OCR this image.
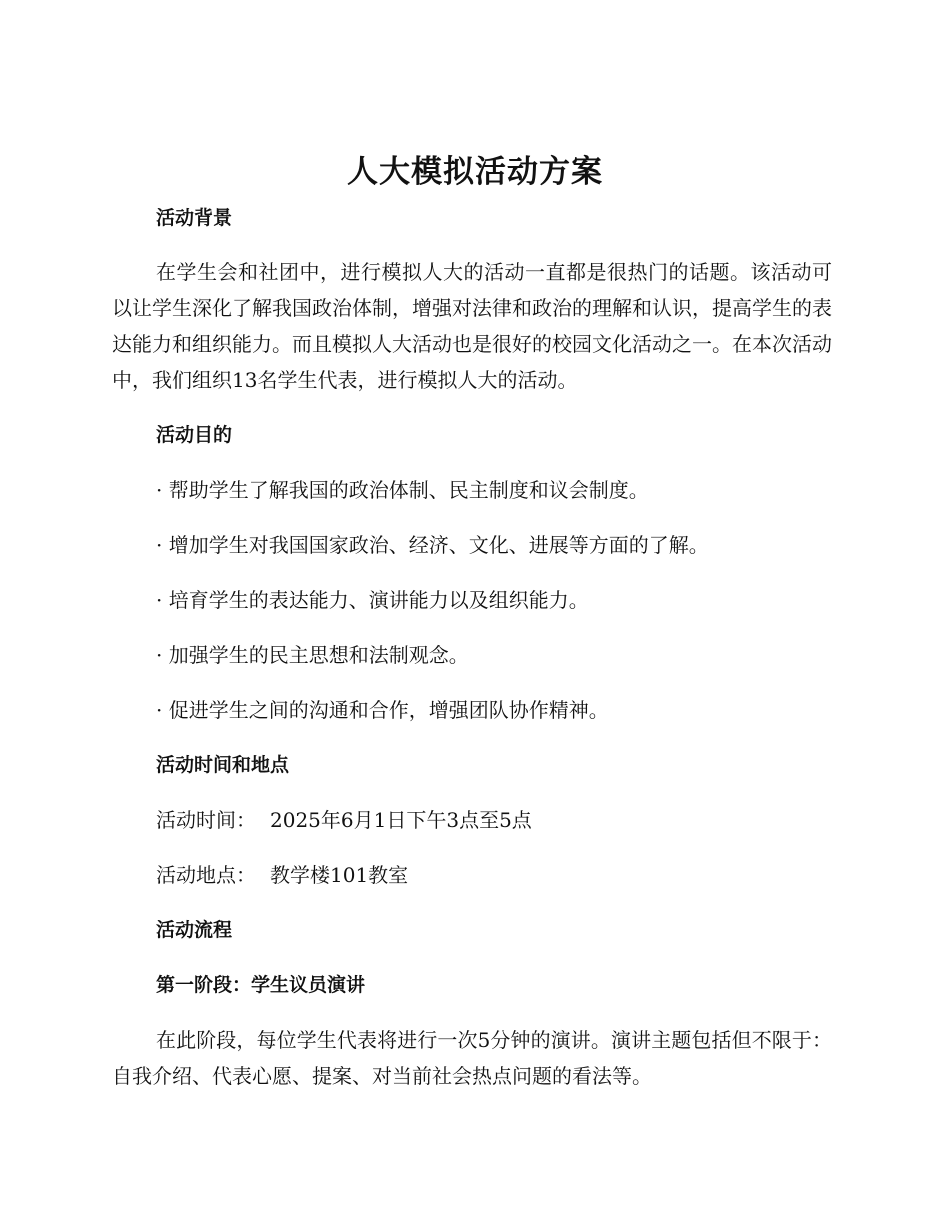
人大模拟活动方案

活动背景

在学生会和社团中，进行模拟人大的活动一直都是很热门的话题。该活动可以让学生深化了解我国政治体制，增强对法律和政治的理解和认识，提高学生的表达能力和组织能力。而且模拟人大活动也是很好的校园文化活动之一。在本次活动中，我们组织13名学生代表，进行模拟人大的活动。

活动目的

· 帮助学生了解我国的政治体制、民主制度和议会制度。

· 增加学生对我国国家政治、经济、文化、进展等方面的了解。

· 培育学生的表达能力、演讲能力以及组织能力。

· 加强学生的民主思想和法制观念。

· 促进学生之间的沟通和合作，增强团队协作精神。

活动时间和地点

活动时间： 2025年6月1日下午3点至5点

活动地点： 教学楼101教室

活动流程

第一阶段：学生议员演讲

在此阶段，每位学生代表将进行一次5分钟的演讲。演讲主题包括但不限于：自我介绍、代表心愿、提案、对当前社会热点问题的看法等。
